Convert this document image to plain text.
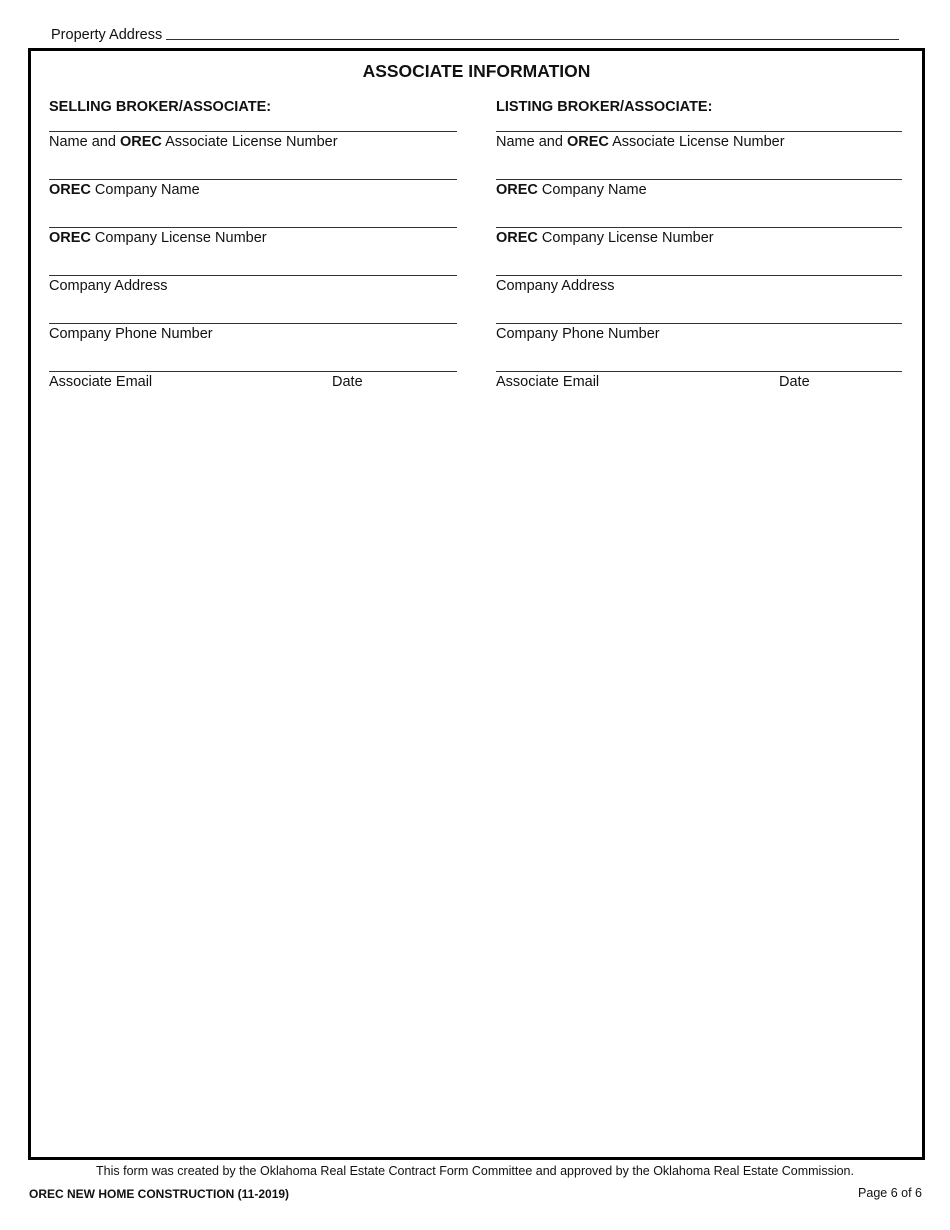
Property Address
ASSOCIATE INFORMATION
SELLING BROKER/ASSOCIATE:
Name and OREC Associate License Number
OREC Company Name
OREC Company License Number
Company Address
Company Phone Number
Associate Email	Date
LISTING BROKER/ASSOCIATE:
Name and OREC Associate License Number
OREC Company Name
OREC Company License Number
Company Address
Company Phone Number
Associate Email	Date
This form was created by the Oklahoma Real Estate Contract Form Committee and approved by the Oklahoma Real Estate Commission.
OREC NEW HOME CONSTRUCTION (11-2019)	Page 6 of 6
